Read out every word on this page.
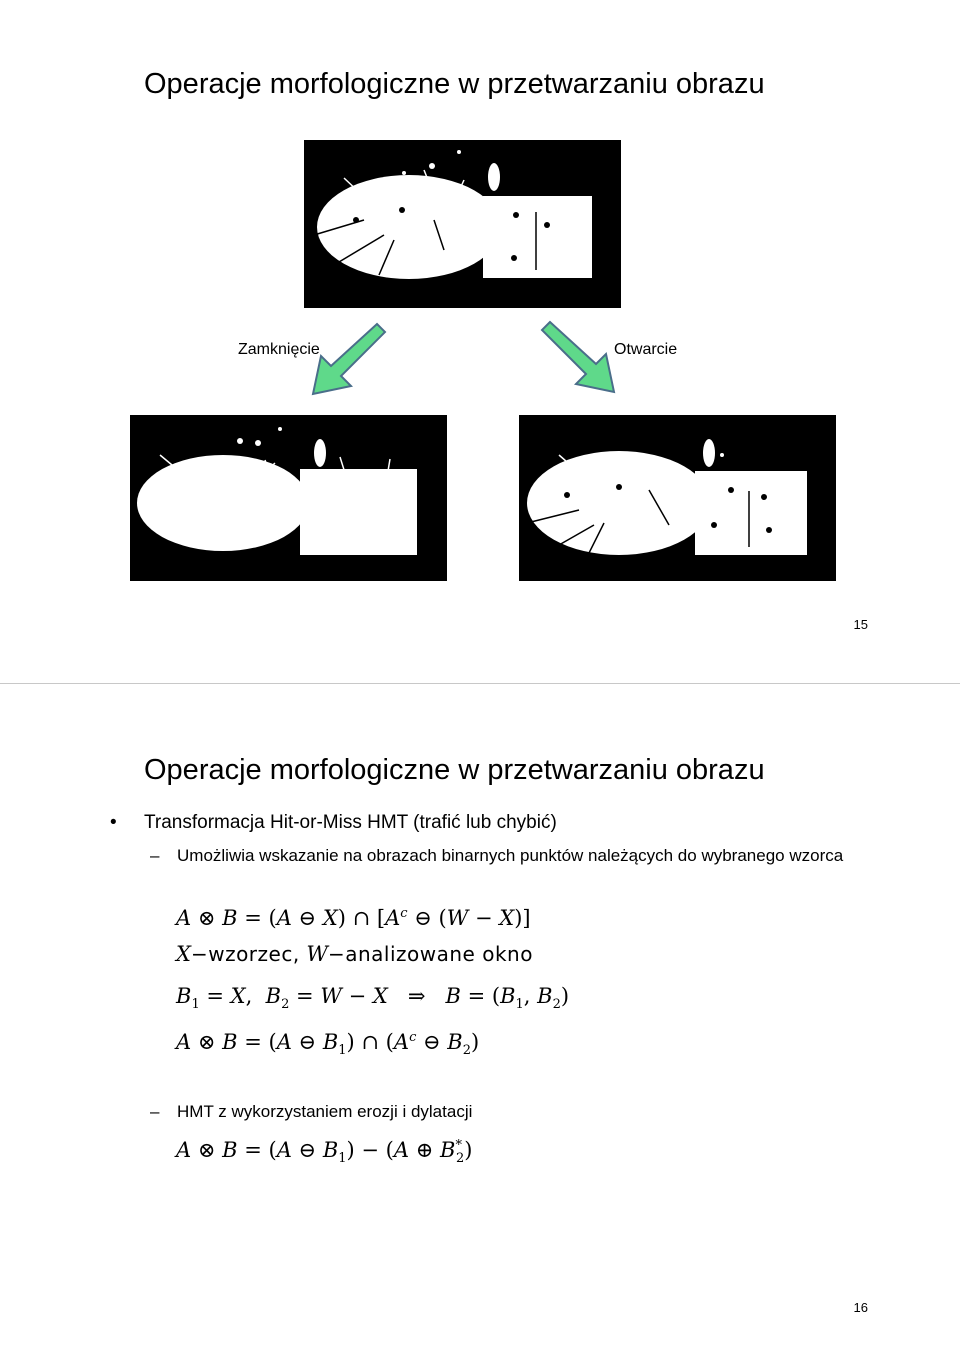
Operacje morfologiczne w przetwarzaniu obrazu
Zamknięcie	Otwarcie
15
Operacje morfologiczne w przetwarzaniu obrazu
• Transformacja Hit-or-Miss HMT (trafić lub chybić)
– Umożliwia wskazanie na obrazach binarnych punktów należących do wybranego wzorca
A ⊗ B = (A ⊖ X) ∩ [$A^c$ ⊖ (W − X)]
X−wzorzec, W−analizowane okno
$B_1 = X$,  $B_2 = W - X$   ⇒   $B = (B_1$, $B_2$)
A ⊗ B = (A ⊖ $B_1$) ∩ ($A^c$ ⊖ $B_2$)
– HMT z wykorzystaniem erozji i dylatacji
A ⊗ B = (A ⊖ $B_1) - (A$ ⊕ $B^*_2$)
16
